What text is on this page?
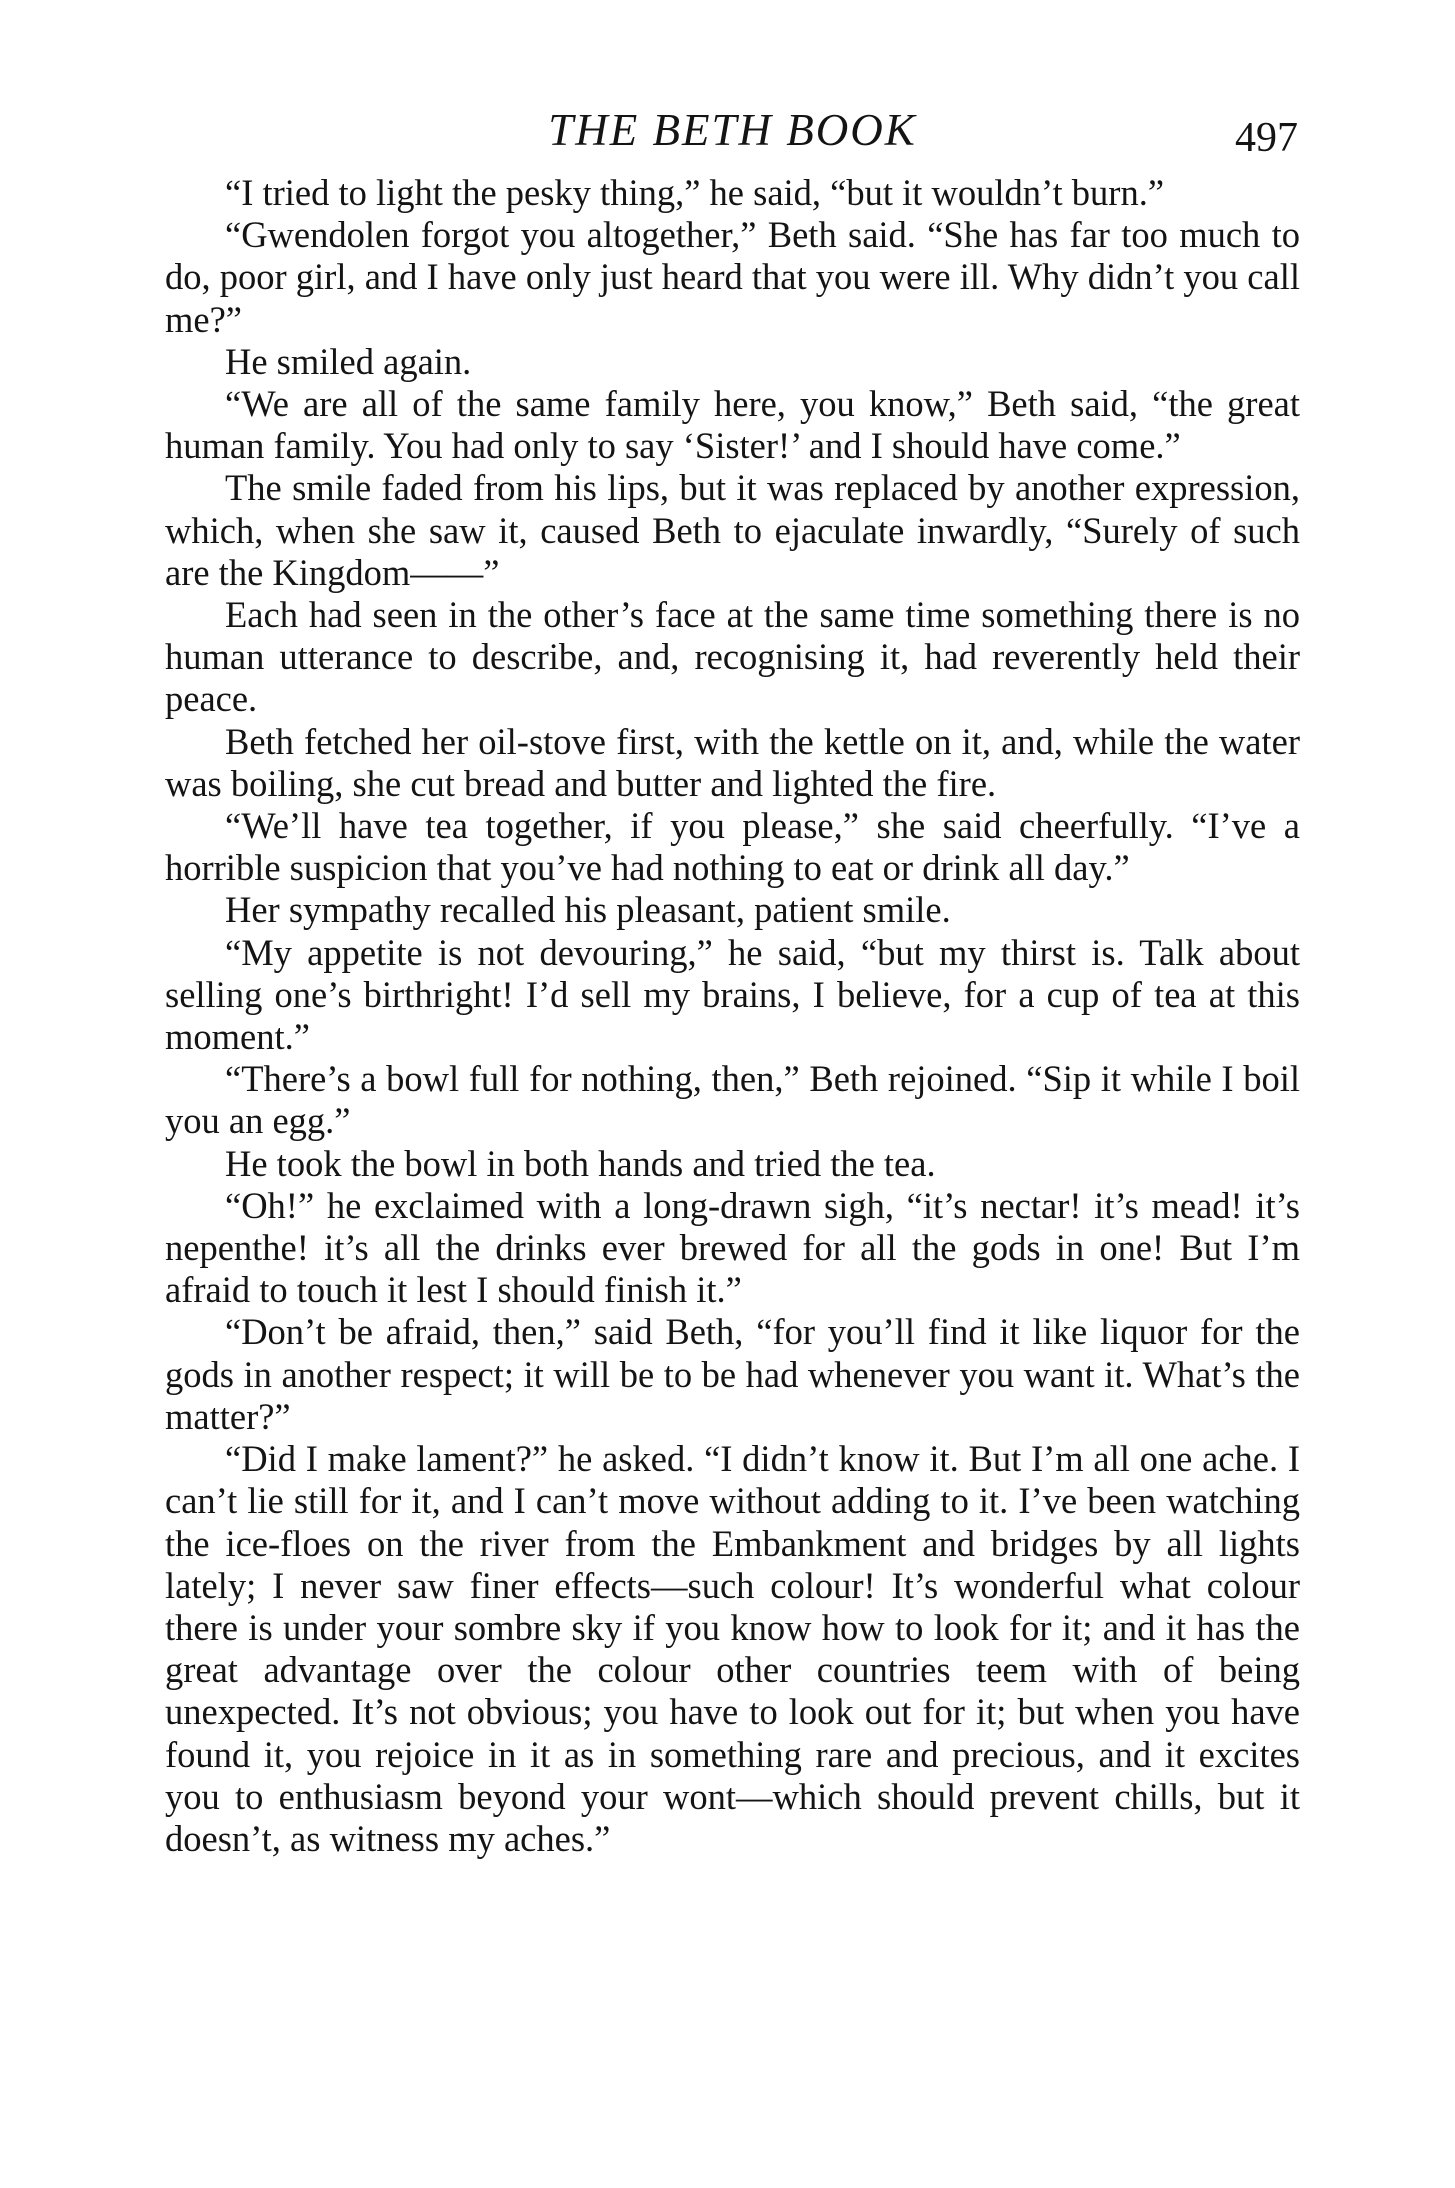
THE BETH BOOK	497

“I tried to light the pesky thing,” he said, “but it wouldn’t burn.”

“Gwendolen forgot you altogether,” Beth said. “She has far too much to do, poor girl, and I have only just heard that you were ill. Why didn’t you call me?”

He smiled again.

“We are all of the same family here, you know,” Beth said, “the great human family. You had only to say ‘Sister!’ and I should have come.”

The smile faded from his lips, but it was replaced by another expression, which, when she saw it, caused Beth to ejaculate inwardly, “Surely of such are the Kingdom——”

Each had seen in the other’s face at the same time something there is no human utterance to describe, and, recognising it, had reverently held their peace.

Beth fetched her oil-stove first, with the kettle on it, and, while the water was boiling, she cut bread and butter and lighted the fire.

“We’ll have tea together, if you please,” she said cheerfully. “I’ve a horrible suspicion that you’ve had nothing to eat or drink all day.”

Her sympathy recalled his pleasant, patient smile.

“My appetite is not devouring,” he said, “but my thirst is. Talk about selling one’s birthright! I’d sell my brains, I believe, for a cup of tea at this moment.”

“There’s a bowl full for nothing, then,” Beth rejoined. “Sip it while I boil you an egg.”

He took the bowl in both hands and tried the tea.

“Oh!” he exclaimed with a long-drawn sigh, “it’s nectar! it’s mead! it’s nepenthe! it’s all the drinks ever brewed for all the gods in one! But I’m afraid to touch it lest I should finish it.”

“Don’t be afraid, then,” said Beth, “for you’ll find it like liquor for the gods in another respect; it will be to be had whenever you want it. What’s the matter?”

“Did I make lament?” he asked. “I didn’t know it. But I’m all one ache. I can’t lie still for it, and I can’t move without adding to it. I’ve been watching the ice-floes on the river from the Embankment and bridges by all lights lately; I never saw finer effects—such colour! It’s wonderful what colour there is under your sombre sky if you know how to look for it; and it has the great advantage over the colour other countries teem with of being unexpected. It’s not obvious; you have to look out for it; but when you have found it, you rejoice in it as in something rare and precious, and it excites you to enthusiasm beyond your wont—which should prevent chills, but it doesn’t, as witness my aches.”
